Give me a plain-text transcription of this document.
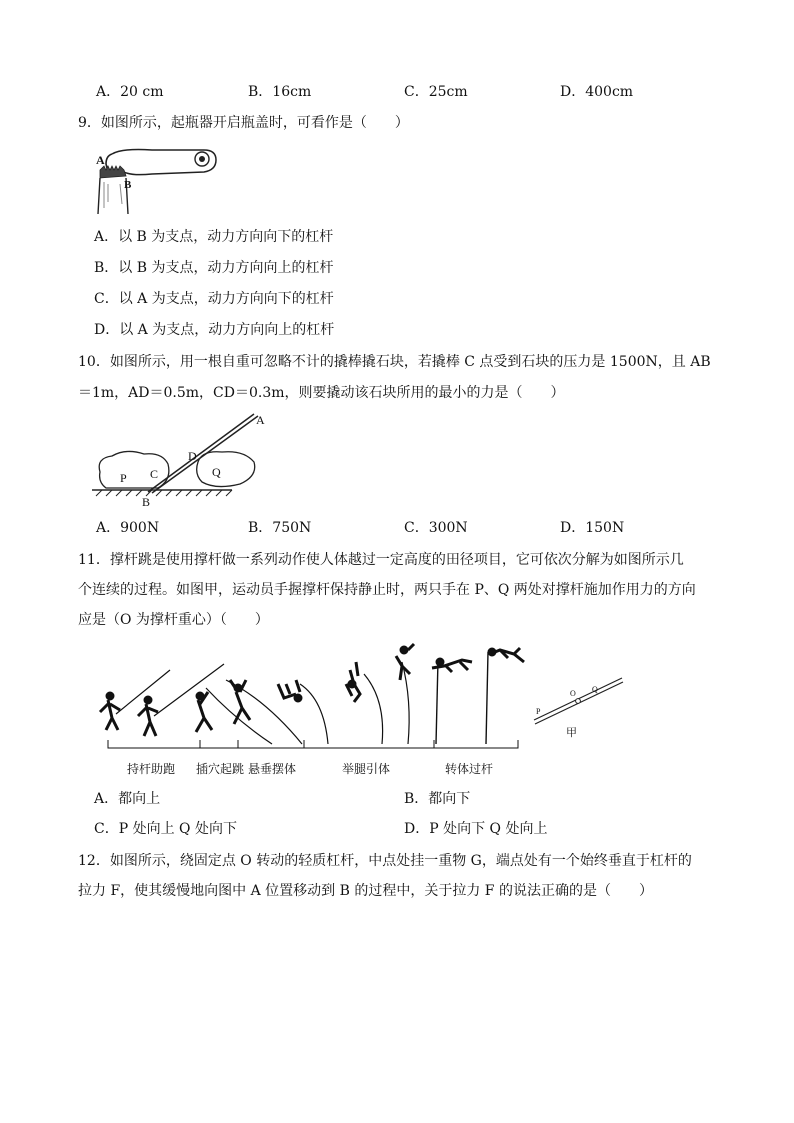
A．20 cm	B．16cm	C．25cm	D．400cm
9．如图所示，起瓶器开启瓶盖时，可看作是（　　）
A
B
A．以 B 为支点，动力方向向下的杠杆
B．以 B 为支点，动力方向向上的杠杆
C．以 A 为支点，动力方向向下的杠杆
D．以 A 为支点，动力方向向上的杠杆
10．如图所示，用一根自重可忽略不计的撬棒撬石块，若撬棒 C 点受到石块的压力是 1500N，且 AB
＝1m，AD＝0.5m，CD＝0.3m，则要撬动该石块所用的最小的力是（　　）
A
D
P C	Q
B
A．900N	B．750N	C．300N	D．150N
11．撑杆跳是使用撑杆做一系列动作使人体越过一定高度的田径项目，它可依次分解为如图所示几
个连续的过程。如图甲，运动员手握撑杆保持静止时，两只手在 P、Q 两处对撑杆施加作用力的方向
应是（O 为撑杆重心）（　　）
持杆助跑 插穴起跳 悬垂摆体	举腿引体	转体过杆
P
O Q
甲
A．都向上	B．都向下
C．P 处向上 Q 处向下	D．P 处向下 Q 处向上
12．如图所示，绕固定点 O 转动的轻质杠杆，中点处挂一重物 G，端点处有一个始终垂直于杠杆的
拉力 F，使其缓慢地向图中 A 位置移动到 B 的过程中，关于拉力 F 的说法正确的是（　　）
